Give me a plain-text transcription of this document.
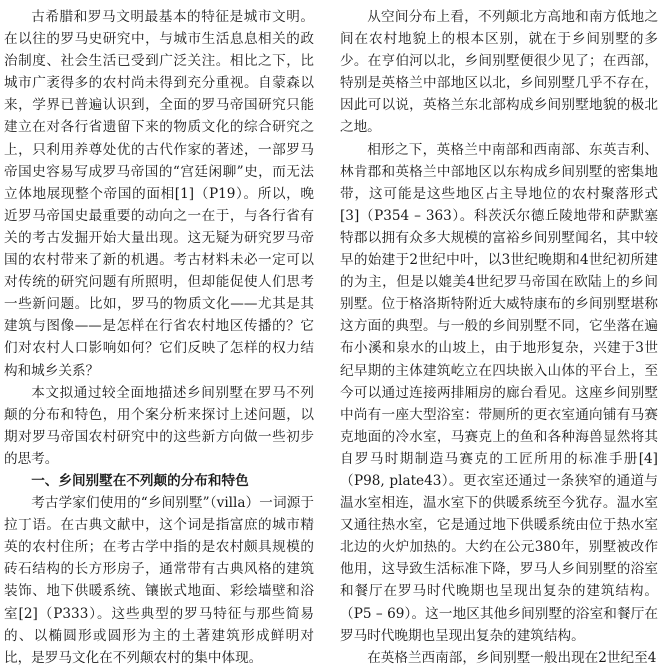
古希腊和罗马文明最基本的特征是城市文明。在以往的罗马史研究中，与城市生活息息相关的政治制度、社会生活已受到广泛关注。相比之下，比城市广袤得多的农村尚未得到充分重视。自蒙森以来，学界已普遍认识到，全面的罗马帝国研究只能建立在对各行省遗留下来的物质文化的综合研究之上，只利用养尊处优的古代作家的著述，一部罗马帝国史容易写成罗马帝国的“宫廷闲聊”史，而无法立体地展现整个帝国的面相[1]（P19）。所以，晚近罗马帝国史最重要的动向之一在于，与各行省有关的考古发掘开始大量出现。这无疑为研究罗马帝国的农村带来了新的机遇。考古材料未必一定可以对传统的研究问题有所照明，但却能促使人们思考一些新问题。比如，罗马的物质文化——尤其是其建筑与图像——是怎样在行省农村地区传播的？它们对农村人口影响如何？它们反映了怎样的权力结构和城乡关系？

本文拟通过较全面地描述乡间别墅在罗马不列颠的分布和特色，用个案分析来探讨上述问题，以期对罗马帝国农村研究中的这些新方向做一些初步的思考。

一、乡间别墅在不列颠的分布和特色

考古学家们使用的“乡间别墅”（villa）一词源于拉丁语。在古典文献中，这个词是指富庶的城市精英的农村住所；在考古学中指的是农村颇具规模的砖石结构的长方形房子，通常带有古典风格的建筑装饰、地下供暖系统、镶嵌式地面、彩绘墙壁和浴室[2]（P333）。这些典型的罗马特征与那些简易的、以椭圆形或圆形为主的土著建筑形成鲜明对比，是罗马文化在不列颠农村的集中体现。

从空间分布上看，不列颠北方高地和南方低地之间在农村地貌上的根本区别，就在于乡间别墅的多少。在亨伯河以北，乡间别墅便很少见了；在西部，特别是英格兰中部地区以北，乡间别墅几乎不存在，因此可以说，英格兰东北部构成乡间别墅地貌的极北之地。

相形之下，英格兰中南部和西南部、东英吉利、林肯郡和英格兰中部地区以东构成乡间别墅的密集地带，这可能是这些地区占主导地位的农村聚落形式[3]（P354 – 363）。科茨沃尔德丘陵地带和萨默塞特郡以拥有众多大规模的富裕乡间别墅闻名，其中较早的始建于2世纪中叶，以3世纪晚期和4世纪初所建的为主，但是以媲美4世纪罗马帝国在欧陆上的乡间别墅。位于格洛斯特附近大威特康布的乡间别墅堪称这方面的典型。与一般的乡间别墅不同，它坐落在遍布小溪和泉水的山坡上，由于地形复杂，兴建于3世纪早期的主体建筑屹立在四块嵌入山体的平台上，至今可以通过连接两排厢房的廊台看见。这座乡间别墅中尚有一座大型浴室：带厕所的更衣室通向铺有马赛克地面的冷水室，马赛克上的鱼和各种海兽显然将其自罗马时期制造马赛克的工匠所用的标准手册[4]（P98, plate43）。更衣室还通过一条狭窄的通道与温水室相连，温水室下的供暖系统至今犹存。温水室又通往热水室，它是通过地下供暖系统由位于热水室北边的火炉加热的。大约在公元380年，别墅被改作他用，这导致生活标准下降，罗马人乡间别墅的浴室和餐厅在罗马时代晚期也呈现出复杂的建筑结构。（P5 – 69）。这一地区其他乡间别墅的浴室和餐厅在罗马时代晚期也呈现出复杂的建筑结构。

在英格兰西南部，乡间别墅一般出现在2世纪至4
